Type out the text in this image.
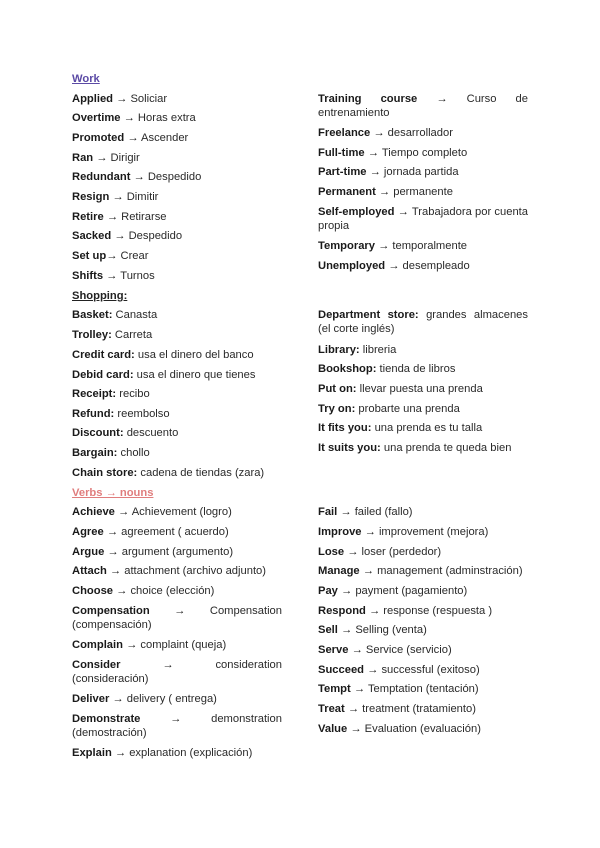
Work
Applied → Soliciar
Overtime → Horas extra
Promoted → Ascender
Ran → Dirigir
Redundant → Despedido
Resign → Dimitir
Retire → Retirarse
Sacked → Despedido
Set up→ Crear
Shifts → Turnos
Training course → Curso de entrenamiento
Freelance → desarrollador
Full-time → Tiempo completo
Part-time → jornada partida
Permanent → permanente
Self-employed → Trabajadora por cuenta propia
Temporary → temporalmente
Unemployed → desempleado
Shopping:
Basket: Canasta
Trolley: Carreta
Credit card: usa el dinero del banco
Debid card: usa el dinero que tienes
Receipt: recibo
Refund: reembolso
Discount: descuento
Bargain: chollo
Chain store: cadena de tiendas (zara)
Department store: grandes almacenes (el corte inglés)
Library: libreria
Bookshop: tienda de libros
Put on: llevar puesta una prenda
Try on: probarte una prenda
It fits you: una prenda es tu talla
It suits you: una prenda te queda bien
Verbs → nouns
Achieve → Achievement (logro)
Agree → agreement ( acuerdo)
Argue → argument (argumento)
Attach → attachment (archivo adjunto)
Choose → choice (elección)
Compensation → Compensation (compensación)
Complain → complaint (queja)
Consider → consideration (consideración)
Deliver → delivery ( entrega)
Demonstrate → demonstration (demostración)
Explain → explanation (explicación)
Fail → failed (fallo)
Improve → improvement (mejora)
Lose → loser (perdedor)
Manage → management (adminstración)
Pay → payment (pagamiento)
Respond → response (respuesta )
Sell → Selling (venta)
Serve → Service (servicio)
Succeed → successful (exitoso)
Tempt → Temptation (tentación)
Treat → treatment (tratamiento)
Value → Evaluation (evaluación)
